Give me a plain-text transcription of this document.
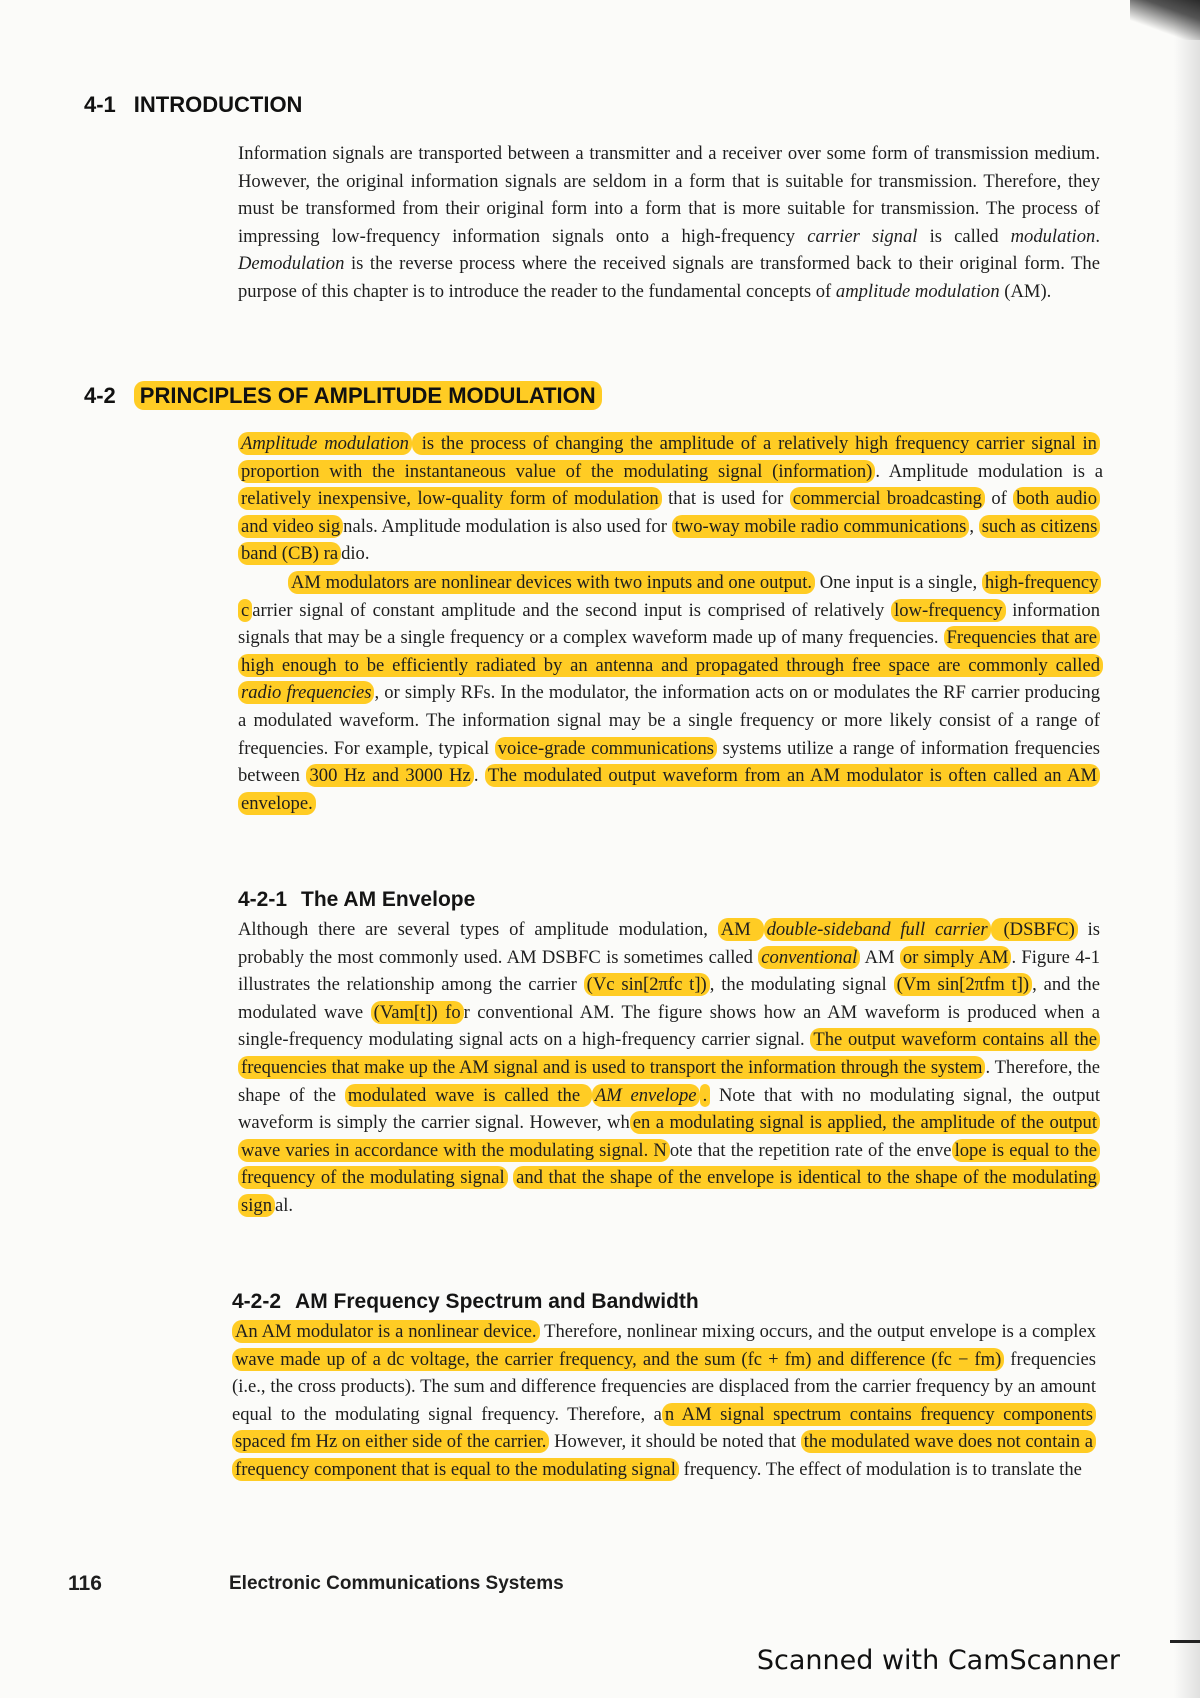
4-1 INTRODUCTION

Information signals are transported between a transmitter and a receiver over some form of transmission medium. However, the original information signals are seldom in a form that is suitable for transmission. Therefore, they must be transformed from their original form into a form that is more suitable for transmission. The process of impressing low-frequency information signals onto a high-frequency carrier signal is called modulation. Demodulation is the reverse process where the received signals are transformed back to their original form. The purpose of this chapter is to introduce the reader to the fundamental concepts of amplitude modulation (AM).

4-2 PRINCIPLES OF AMPLITUDE MODULATION

Amplitude modulation is the process of changing the amplitude of a relatively high frequency carrier signal in proportion with the instantaneous value of the modulating signal (information) . Amplitude modulation is a relatively inexpensive, low-quality form of modulation that is used for commercial broadcasting of both audio and video sig nals. Amplitude modulation is also used for two-way mobile radio communications , such as citizens band (CB) ra dio.

AM modulators are nonlinear devices with two inputs and one output. One input is a single, high-frequency c arrier signal of constant amplitude and the second input is comprised of relatively low-frequency information signals that may be a single frequency or a complex waveform made up of many frequencies. Frequencies that are high enough to be efficiently radiated by an antenna and propagated through free space are commonly called radio frequencies , or simply RFs. In the modulator, the information acts on or modulates the RF carrier producing a modulated waveform. The information signal may be a single frequency or more likely consist of a range of frequencies. For example, typical voice-grade communications systems utilize a range of information frequencies between 300 Hz and 3000 Hz . The modulated output waveform from an AM modulator is often called an AM envelope.

4-2-1 The AM Envelope

Although there are several types of amplitude modulation, AM double-sideband full carrier (DSBFC) is probably the most commonly used. AM DSBFC is sometimes called conventional AM or simply AM . Figure 4-1 illustrates the relationship among the carrier (Vc sin[2πfc t]) , the modulating signal (Vm sin[2πfm t]) , and the modulated wave (Vam[t]) fo r conventional AM. The figure shows how an AM waveform is produced when a single-frequency modulating signal acts on a high-frequency carrier signal. The output waveform contains all the frequencies that make up the AM signal and is used to transport the information through the system . Therefore, the shape of the modulated wave is called the AM envelope . Note that with no modulating signal, the output waveform is simply the carrier signal. However, wh en a modulating signal is applied, the amplitude of the output wave varies in accordance with the modulating signal. N ote that the repetition rate of the enve lope is equal to the frequency of the modulating signal and that the shape of the envelope is identical to the shape of the modulating sign al.

4-2-2 AM Frequency Spectrum and Bandwidth

An AM modulator is a nonlinear device. Therefore, nonlinear mixing occurs, and the output envelope is a complex wave made up of a dc voltage, the carrier frequency, and the sum (fc + fm) and difference (fc − fm) frequencies (i.e., the cross products). The sum and difference frequencies are displaced from the carrier frequency by an amount equal to the modulating signal frequency. Therefore, a n AM signal spectrum contains frequency components spaced fm Hz on either side of the carrier. However, it should be noted that the modulated wave does not contain a frequency component that is equal to the modulating signal frequency. The effect of modulation is to translate the

116	Electronic Communications Systems
Scanned with CamScanner
